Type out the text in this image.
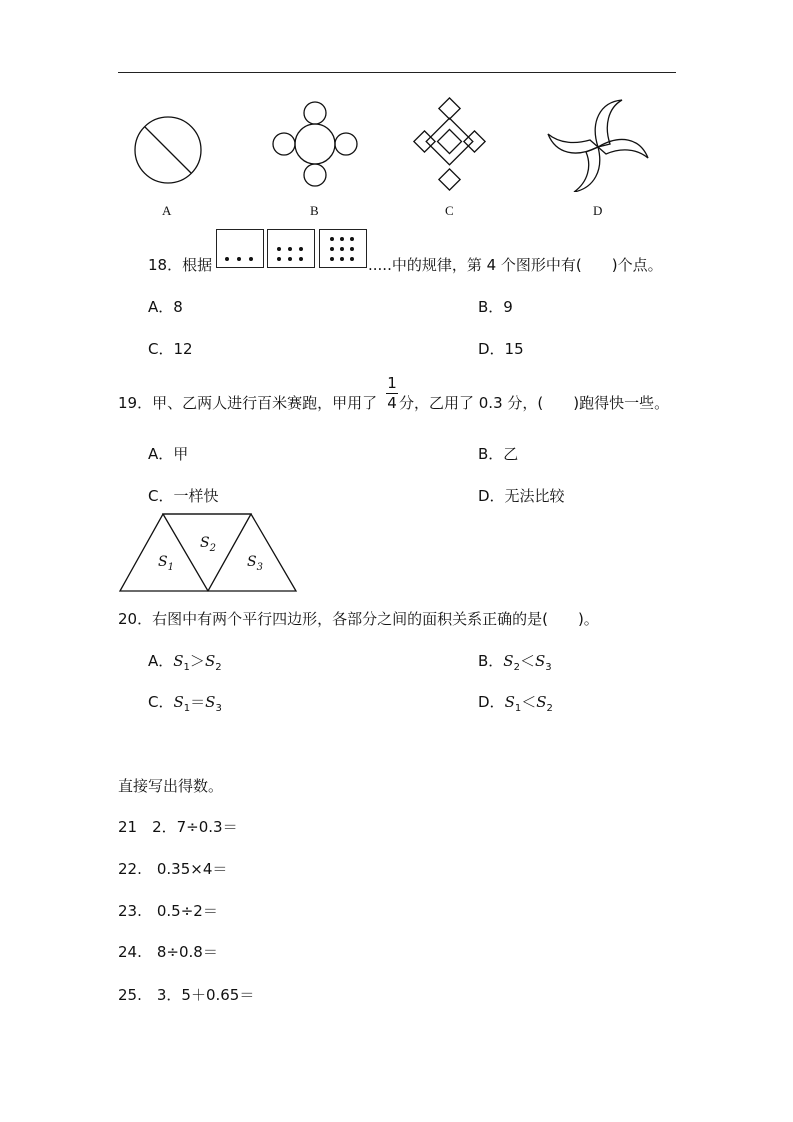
A	B	C	D
18．根据	.....中的规律，第 4 个图形中有(　　)个点。
A．8	B．9
C．12	D．15
19．甲、乙两人进行百米赛跑，甲用了
1
4 分，乙用了 0.3 分，(　　)跑得快一些。
A．甲	B．乙
C．一样快	D．无法比较
$S_2$
$S_1$	$S_3$
20．右图中有两个平行四边形，各部分之间的面积关系正确的是(　　)。
A．$S_1>S_2$	B．$S_2<S_3$
C．$S_1=S_3$	D．$S_1<S_2$
直接写出得数。
21　2．7÷0.3＝
22.　0.35×4＝
23.　0.5÷2＝
24.　8÷0.8＝
25.　3．5＋0.65＝
